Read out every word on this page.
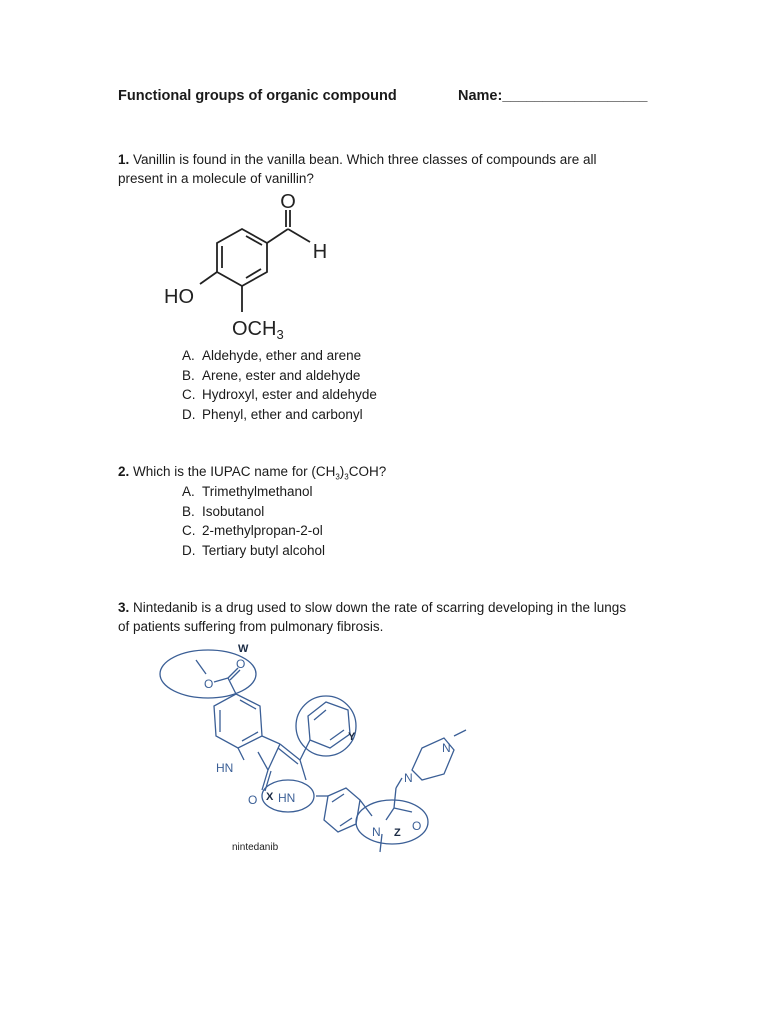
Functional groups of organic compound	Name:__________________
1. Vanillin is found in the vanilla bean. Which three classes of compounds are all present in a molecule of vanillin?
O
H
HO
$OCH_3$
A. Aldehyde, ether and arene
B. Arene, ester and aldehyde
C. Hydroxyl, ester and aldehyde
D. Phenyl, ether and carbonyl
2. Which is the IUPAC name for $(CH_3)_3COH$?
A. Trimethylmethanol
B. Isobutanol
C. 2-methylpropan-2-ol
D. Tertiary butyl alcohol
3. Nintedanib is a drug used to slow down the rate of scarring developing in the lungs of patients suffering from pulmonary fibrosis.
O
O
HN
O HN
N	O
N
N
W
Y
X
Z
nintedanib
